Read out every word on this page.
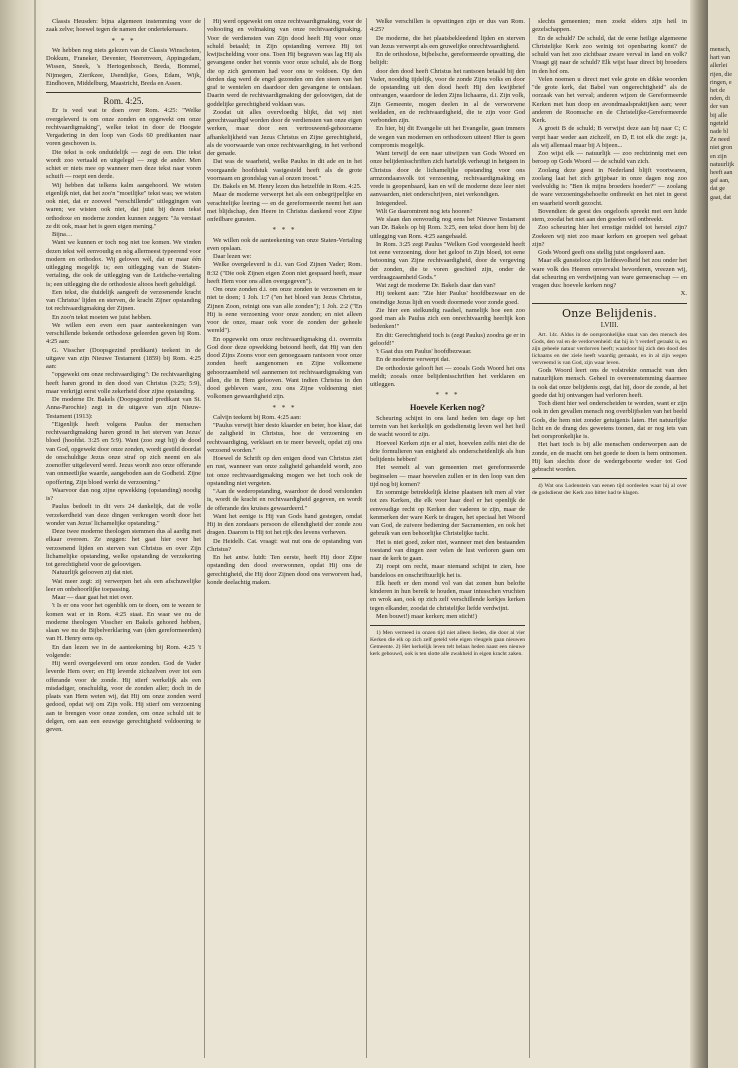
Classis Heusden: bijna algemeen instemming voor de zaak zelve; hoewel tegen de namen der ondertekenaars.

* * *

We hebben nog niets gelezen van de Classis Winschoten, Dokkum, Franeker, Deventer, Heerenveen, Appingedam, Wissen, Sneek, 's Hertogenbosch, Breda, Bommel, Nijmegen, Zierikzee, IJsendijke, Goes, Edam, Wijk, Eindhoven, Middelburg, Maastricht, Breda en Assen.

Rom. 4:25.

Er is veel wat te doen over Rom. 4:25: "Welke overgeleverd is om onze zonden en opgewekt om onze rechtvaardigmaking", welke tekst in door de Hoogste Vergadering in den loop van Gods 60 predikanten naar voren geschoven is.

Die tekst is ook onduidelijk — zegt de een. Die tekst wordt zoo vertaald en uitgelegd — zegt de ander. Men schiet er niets mee op wanneer men deze tekst naar voren schuift — roept een derde.

Wij hebben dat telkens kalm aangehoord. We wisten eigenlijk niet, dat het zoo'n "moeilijke" tekst was; we wisten ook niet, dat er zooveel "verschillende" uitleggingen van waren; we wisten ook niet, dat juist bij dezen tekst orthodoxe en moderne zonden kunnen zeggen: "Ja verstaat ze dit ook, maar het is geen eigen mening."

Bijna…

Want we kunnen er toch nog niet toe komen. We vinden dezen tekst wèl eenvoudig en nòg allermeest typeerend voor modern en orthodox. Wij geloven wèl, dat er maar één uitlegging mogelijk is; een uitlegging van de Staten-vertaling, die ook de uitlegging van de Leidsche-vertaling is; een uitlegging die de orthodoxie altoos heeft gehuldigd.

Een tekst, die duidelijk aangeeft de verzoenende kracht van Christus' lijden en sterven, de kracht Zijner opstanding tot rechtvaardigmaking der Zijnen.

En zoo'n tekst moeten we juist hebben.

We willen een even een paar aanteekeningen van verschillende bekende orthodoxe geleerden geven bij Rom. 4:25 aan:

G. Visscher (Doopsgezind predikant) teekent in de uitgave van zijn Nieuwe Testament (1859) bij Rom. 4:25 aan:

"opgewekt om onze rechtvaardiging": De rechtvaardiging heeft haren grond in den dood van Christus (3:25; 5:9), maar verkrijgt eerst volle zekerheid door zijne opstanding.

De moderne Dr. Bakels (Doopsgezind predikant van St. Anna-Parochie) zegt in de uitgave van zijn Nieuw-Testament (1913):

"Eigenlijk heeft volgens Paulus der menschen rechtvaardigmaking haren grond in het sterven van Jezus' bloed (hoofdst. 3:25 en 5:9). Want (zoo zegt hij) de dood van God, opgewekt door onze zonden, wordt gestild doordat de onschuldige Jezus onze straf op zich neemt en als zoenoffer uitgeleverd werd. Jezus wordt zoo onze offerande van onmeetlijke waarde, aangeboden aan de Godheid. Zijne opoffering, Zijn bloed werkt de verzoening."

Waarvoor dan nog zijne opwekking (opstanding) noodig is?

Paulus bedoelt in dit vers 24 dankelijk, dat de volle verzekerdheid van deze dingen verkregen wordt door het wonder van Jezus' lichamelijke opstanding."

Deze twee moderne theologen stemmen dus al aardig met elkaar overeen. Ze zeggen: het gaat hier over het verzoenend lijden en sterven van Christus en over Zijn lichamelijke opstanding, welke opstanding de verzekering tot gerechtigheid voor de geloovigen.

Natuurlijk gelooven zij dat niet.

Wat meer zegt: zij verwerpen het als een afschuwelijke leer en onbehoorlijke toepassing.

Maar — daar gaat het niet over.

't Is er ons voor het ogenblik om te doen, om te wezen te komen wat er in Rom. 4:25 staat. En waar we nu de moderne theologen Visscher en Bakels gehoord hebben, slaan we nu de Bijbelverklaring van (den gereformeerden) van H. Henry eens op.

En dan lezen we in de aanteekening bij Rom. 4:25 't volgende:

Hij werd overgeleverd om onze zonden. God de Vader leverde Hem over; en Hij leverde zichzelven over tot een offerande voor de zonde. Hij stierf werkelijk als een misdadiger, onschuldig, voor de zonden aller; doch in de plaats van Hem weten wij, dat Hij om onze zonden werd gedood, opdat wij om Zijn volk. Hij stierf om verzoening aan te brengen voor onze zonden, om onze schuld uit te delgen, om aan een eeuwige gerechtigheid voldoening te geven.

Hij werd opgewekt om onze rechtvaardigmaking, voor de voltooiing en volmaking van onze rechtvaardigmaking. Voor de verdiensten van Zijn dood heeft Hij voor onze schuld betaald; in Zijn opstanding verreez Hij tot kwijtschelding voor ons. Toen Hij begraven was lag Hij als gevangene onder het vonnis voor onze schuld, als de Borg die op zich genomen had voor ons te voldoen. Op den derden dag werd de engel gezonden om den steen van het graf te wentelen en daardoor den gevangene te ontslaan. Daarin werd de rechtvaardigmaking der geloovigen, dat de goddelijke gerechtigheid voldaan was.

Zoodat uit alles overvloedig blijkt, dat wij niet gerechtvaardigd worden door de verdiensten van onze eigen werken, maar door een vertrouwend-gehoorzame afhankelijkheid van Jezus Christus en Zijne gerechtigheid, als de voorwaarde van onze rechtvaardiging, in het verbond der genade.

Dat was de waarheid, welke Paulus in dit ade en in het voorgaande hoofdstuk vastgesteld heeft als de grote voornaam en grondslag van al onzen troost."

Dr. Bakels en M. Henry lezen dus hetzelfde in Rom. 4:25.

Maar de moderne verwerpt het als een onbegrijpelijke en verachtelijke leering — en de gereformeerde neemt het aan met blijdschap, den Heere in Christus dankend voor Zijne onfeilbare gunsten.

* * *

We willen ook de aanteekening van onze Staten-Vertaling even opslaan.

Daar lezen we:

Welke overgeleverd is d.i. van God Zijnen Vader; Rom. 8:32 ("Die ook Zijnen eigen Zoon niet gespaard heeft, maar heeft Hem voor ons allen overgegeven").

Om onze zonden d.i. om onze zonden te verzoenen en te niet te doen; 1 Joh. 1:7 ("en het bloed van Jezus Christus, Zijnen Zoon, reinigt ons van alle zonden"); 1 Joh. 2:2 ("En Hij is eene verzoening voor onze zonden; en niet alleen voor de onze, maar ook voor de zonden der geheele wereld").

En opgewekt om onze rechtvaardigmaking d.i. overmits God door deze opwekking betoond heeft, dat Hij van den dood Zijns Zoons voor een genoegzaam rantsoen voor onze zonden heeft aangenomen en Zijne volkomene gehoorzaamheid wil aannemen tot rechtvaardigmaking van allen, die in Hem gelooven. Want indien Christus in den dood gebleven ware, zou ons Zijne voldoening niet volkomen gewaardigheid zijn.

* * *

Calvijn teekent bij Rom. 4:25 aan:

"Paulus verwijt hier desto klaarder en beter, hoe klaar, dat de zaligheid in Christus, hoe de verzoening en rechtvaardiging, verklaart en te meer beveelt, opdat zij ons verzoend worden."

Hoewel de Schrift op den enigen dood van Christus ziet en rust, wanneer van onze zaligheid gehandeld wordt, zoo tot onze rechtvaardigmaking mogen we het toch ook de opstanding niet vergeten.

"Aan de wederopstanding, waardoor de dood verslonden is, wordt de kracht en rechtvaardigheid gegeven, en wordt de offerande des kruises gewaardeerd."

Want het eenige is Hij van Gods hand gestegen, omdat Hij in den zondaars persoon de ellendigheid der zonde zou dragen. Daarom is Hij tot het rijk des levens verheven.

De Heidelb. Cat. vraagt: wat nut ons de opstanding van Christus?

En het antw. luidt: Ten eerste, heeft Hij door Zijne opstanding den dood overwonnen, opdat Hij ons de gerechtigheid, die Hij door Zijnen dood ons verworven had, konde deelachtig maken.

Welke verschillen is opvattingen zijn er dus van Rom. 4:25?

De moderne, die het plaatsbekleedend lijden en sterven van Jezus verwerpt als een gruwelijke onrechtvaardigheid.

En de orthodoxe, bijbelsche, gereformeerde opvatting, die belijdt:

door den dood heeft Christus het rantsoen betaald bij den Vader, nooddig tijdelijk, voor de zonde Zijns volks en door de opstanding uit den dood heeft Hij den kwijtbrief ontvangen, waardoor de leden Zijns lichaams, d.i. Zijn volk, Zijn Gemeente, mogen deelen in al de verworvene weldaden, en de rechtvaardigheid, die te zijn voor God verbonden zijn.

En hier, bij dit Evangelie uit het Evangelie, gaan immers de wegen van modernen en orthodoxen uiteen! Hier is geen compromis mogelijk.

Want terwijl de een naar uitwijzen van Gods Woord en onze belijdenisschriften zich hartelijk verheugt in hetgeen in Christus door de lichamelijke opstanding voor ons armzondaarsvolk tot verzoening, rechtvaardigmaking en vrede is geopenbaard, kan en wil de moderne deze leer niet aanvaarden, niet onderschrijven, niet verkondigen.

Integendeel.

Wilt Ge daaromtrent nog iets hooren?

We slaan dan eenvoudig nog eens het Nieuwe Testament van Dr. Bakels op bij Rom. 3:25, een tekst door hem bij de uitlegging van Rom. 4:25 aangehaald.

In Rom. 3:25 zegt Paulus "Welken God voorgesteld heeft tot eene verzoening, door het geloof in Zijn bloed, tot eene betooning van Zijne rechtvaardigheid, door de vergeving der zonden, die te voren geschied zijn, onder de verdraagzaamheid Gods."

Wat zegt de moderne Dr. Bakels daar dan van?

Hij teekent aan: "Zie hier Paulus' hoofdbezwaar en de oneindige Jezus lijdt en voedt doormede voor zonde goed.

Zie hier een stelkundig raadsel, namelijk hoe een zoo goed man als Paulus zich een onrechtvaardig heerlijk kon bedenken!"

En dit: Gerechtigheid toch is (zegt Paulus) zoodra ge er in geloofd!"

't Gaat dus om Paulus' hoofdbezwaar.

En de moderne verwerpt dat.

De orthodoxie gelooft het — zooals Gods Woord het ons meldt; zooals onze belijdenisschriften het verklaren en uitleggen.

* * *
Hoevele Kerken nog?

Scheuring schijnt in ons land heden ten dage op het terrein van het kerkelijk en godsdienstig leven wel het heil de wacht woord te zijn.

Hoeveel Kerken zijn er al niet, hoevelen zelfs niet die de drie formulieren van enigheid als onderscheidenlijk als hun belijdenis hebben!

Het wemelt al van gemeenten met gereformeerde beginselen — maar hoevelen zullen er in den loop van den tijd nog bij komen?

En sommige betrekkelijk kleine plaatsen telt men al vier tot zes Kerken, die elk voor haar deel er het openlijk de eenvoudige recht op Kerken der vaderen te zijn, maar de kenmerken der ware Kerk te dragen, het speciaal het Woord van God, de zuivere bediening der Sacramenten, en ook het gebruik van een behoorlijke Christelijke tucht.

Het is niet goed, zeker niet, wanneer met den bestaanden toestand van dingen zeer velen de lust verloren gaan om naar de kerk te gaan.

Zij roept om recht, maar niemand schijnt te zien, hoe bandeloos en onschriftuurlijk het is.

Elk heeft er den mond vol van dat zonen hun belofte kinderen in hun bereik te houden, maar intusschen vruchten en wrok aan, ook op zich zelf verschillende kerkjes kerken tegen elkander, zoodat de christelijke liefde verdwijnt.

Men bouwt!) maar kerken; men sticht!)

1) Men vermeed in onzen tijd niet alleen lieden, die door al vier Kerken die elk op zich zelf geteld vele eigen vleugels gaan nieuwen Gemeente. 2) Het kerkelijk leven telt helaas heden naast een nieuwe kerk gebouwd, ook is ten slotte alle zwakheid in eigen kracht zaken.

slechts gemeenten; men zoekt elders zijn heil in gezelschappen.

En de schuld? De schuld, dat de eene heilige algemeene Christelijke Kerk zoo weinig tot openbaring komt? de schuld van het zoo zichtbaar zware verval in land en volk? Vraagt gij naar de schuld? Elk wijst haar direct bij broeders in den hof om.

Velen noemen u direct met vele grote en dikke woorden "de grote kerk, dat Babel van ongerechtigheid" als de oorzaak van het verval; anderen wijzen de Gereformeerde Kerken met hun doop en avondmaalspraktijken aan; weer anderen de Roomsche en de Christelijke-Gereformeerde Kerk.

A groeit B de schuld; B verwijst deze aan hij naar C; C verpt haar weder aan zichzelf, en D, E tot elk die zegt: ja, als wij allemaal maar bij A bijeen...

Zoo wijst elk — natuurlijk — zoo rechtzinnig met een beroep op Gods Woord — de schuld van zich.

Zoolang deze geest in Nederland blijft voortwaren, zoolang laat het zich grijpbaar in onze dagen nog zoo veelvuldig is: "Ben ik mijns broeders hoeder?" — zoolang de ware verzoeningsbehoefte ontbreekt en het niet in geest en waarheid wordt gezocht.

Bovendien: de geest des ongeloofs spreekt met een luide stem, zoodat het niet aan den goeden wil ontbreekt.

Zoo scheuring hier het ernstige middel tot herstel zijn? Zoekeen wij niet zoo maar kerken en groepen wel gebaat zijn?

Gods Woord geeft ons stellig juist ongekeerd aan.

Maar elk gunstelooz zijn liefdesvolheid het zou onder het ware volk des Heeren onvervalst bevorderen, vreezen wij, dat scheuring en verdwijning van ware gemeenschap — en vragen dus: hoevele kerken nog?

X.
Onze Belijdenis.
LVIII.

Art. 14c. Aldus in de oorspronkelijke staat van den mensch des Gods, den val en de verdorvenheid: dat hij in 't verderf geraakt is, en zijn geheele natuur verdorven heeft; waardoor hij zich den dood des lichaams en der ziele heeft waardig gemaakt, en in al zijn wegen vervreemd is van God, zijn waar leven.

Gods Woord leert ons de volstrekte onmacht van den natuurlijken mensch. Geheel in overeenstemming daarmee is ook dat onze belijdenis zegt, dat hij, door de zonde, al het goede dat hij ontvangen had verloren heeft.

Toch dient hier wel onderscheiden te worden, want er zijn ook in den gevallen mensch nog overblijfselen van het beeld Gods, die hem niet zonder getuigenis laten. Het natuurlijke licht en de drang des gewetens toonen, dat er nog iets van het oorspronkelijke is.

Het hart toch is bij alle menschen onderworpen aan de zonde, en de macht om het goede te doen is hem ontnomen. Hij kan slechts door de wedergeboorte weder tot God gebracht worden.

4) Wat ons Lodenstein van eenen tijd oordeelen waar hij al over de godsdienst der Kerk zoo bitter had te klagen.

mensch,
hart van
allerlei
rijen, die
ringen, e
het de
nden, di
der van
bij alle
ngeteld
nade bl
Ze need
niet gron
en zijn
natuurlijk
heeft aan
gaf aan,
dat ge
gaat, dat
